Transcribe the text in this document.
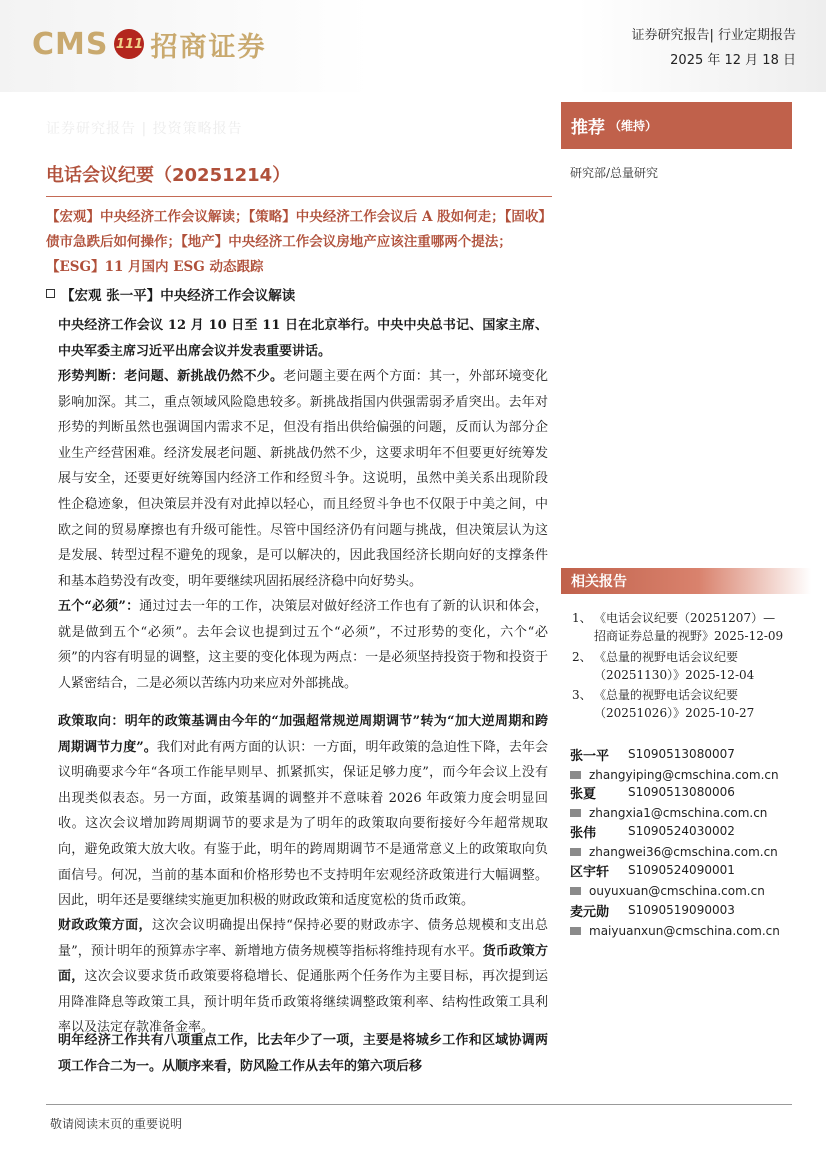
CMS 111 招商证券	证券研究报告| 行业定期报告
2025 年 12 月 18 日
证券研究报告 | 投资策略报告
电话会议纪要（20251214）
【宏观】中央经济工作会议解读；【策略】中央经济工作会议后 A 股如何走；【固收】债市急跌后如何操作；【地产】中央经济工作会议房地产应该注重哪两个提法；【ESG】11 月国内 ESG 动态跟踪
【宏观 张一平】中央经济工作会议解读
中央经济工作会议 12 月 10 日至 11 日在北京举行。中央中央总书记、国家主席、中央军委主席习近平出席会议并发表重要讲话。
形势判断：老问题、新挑战仍然不少。老问题主要在两个方面：其一，外部环境变化影响加深。其二，重点领域风险隐患较多。新挑战指国内供强需弱矛盾突出。去年对形势的判断虽然也强调国内需求不足，但没有指出供给偏强的问题，反而认为部分企业生产经营困难。经济发展老问题、新挑战仍然不少，这要求明年不但要更好统筹发展与安全，还要更好统筹国内经济工作和经贸斗争。这说明，虽然中美关系出现阶段性企稳迹象，但决策层并没有对此掉以轻心，而且经贸斗争也不仅限于中美之间，中欧之间的贸易摩擦也有升级可能性。尽管中国经济仍有问题与挑战，但决策层认为这是发展、转型过程不避免的现象，是可以解决的，因此我国经济长期向好的支撑条件和基本趋势没有改变，明年要继续巩固拓展经济稳中向好势头。
五个“必须”：通过过去一年的工作，决策层对做好经济工作也有了新的认识和体会，就是做到五个“必须”。去年会议也提到过五个“必须”，不过形势的变化，六个“必须”的内容有明显的调整，这主要的变化体现为两点：一是必须坚持投资于物和投资于人紧密结合，二是必须以苦练内功来应对外部挑战。
政策取向：明年的政策基调由今年的“加强超常规逆周期调节”转为“加大逆周期和跨周期调节力度”。我们对此有两方面的认识：一方面，明年政策的急迫性下降，去年会议明确要求今年“各项工作能早则早、抓紧抓实，保证足够力度”，而今年会议上没有出现类似表态。另一方面，政策基调的调整并不意味着 2026 年政策力度会明显回收。这次会议增加跨周期调节的要求是为了明年的政策取向要衔接好今年超常规取向，避免政策大放大收。有鉴于此，明年的跨周期调节不是通常意义上的政策取向负面信号。何况，当前的基本面和价格形势也不支持明年宏观经济政策进行大幅调整。因此，明年还是要继续实施更加积极的财政政策和适度宽松的货币政策。
财政政策方面，这次会议明确提出保持“保持必要的财政赤字、债务总规模和支出总量”，预计明年的预算赤字率、新增地方债务规模等指标将维持现有水平。货币政策方面，这次会议要求货币政策要将稳增长、促通胀两个任务作为主要目标，再次提到运用降准降息等政策工具，预计明年货币政策将继续调整政策利率、结构性政策工具利率以及法定存款准备金率。
明年经济工作共有八项重点工作，比去年少了一项，主要是将城乡工作和区域协调两项工作合二为一。从顺序来看，防风险工作从去年的第六项后移
推荐 （维持）
研究部/总量研究
相关报告
1、 《电话会议纪要（20251207）—招商证券总量的视野》2025-12-09
2、 《总量的视野电话会议纪要（20251130）》2025-12-04
3、 《总量的视野电话会议纪要（20251026）》2025-10-27
张一平	S1090513080007
zhangyiping@cmschina.com.cn
张夏	S1090513080006
zhangxia1@cmschina.com.cn
张伟	S1090524030002
zhangwei36@cmschina.com.cn
区宇轩	S1090524090001
ouyuxuan@cmschina.com.cn
麦元勋	S1090519090003
maiyuanxun@cmschina.com.cn
敬请阅读末页的重要说明
